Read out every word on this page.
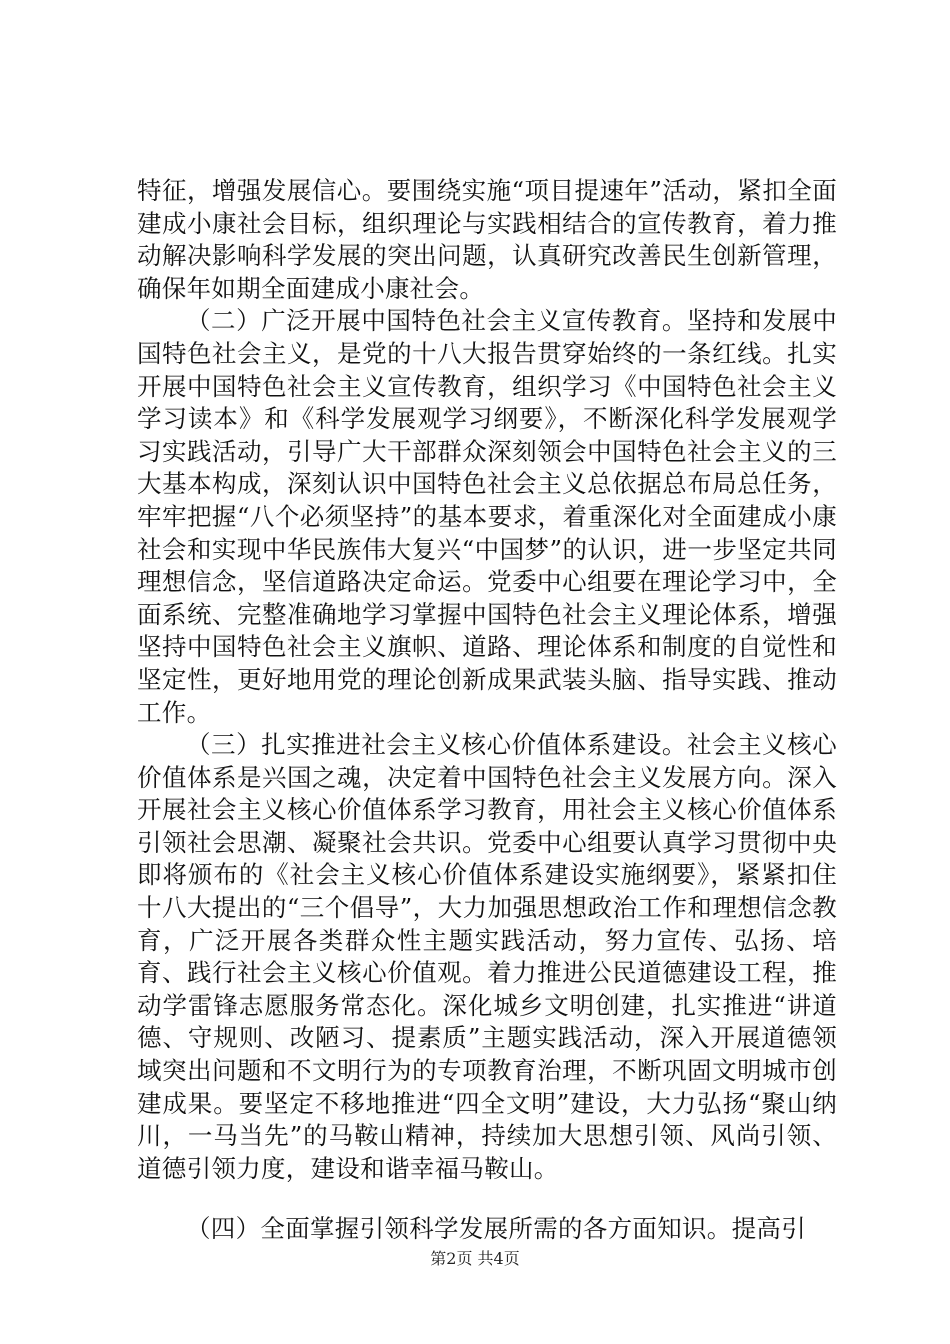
特征，增强发展信心。要围绕实施“项目提速年”活动，紧扣全面建成小康社会目标，组织理论与实践相结合的宣传教育，着力推动解决影响科学发展的突出问题，认真研究改善民生创新管理，确保年如期全面建成小康社会。

（二）广泛开展中国特色社会主义宣传教育。坚持和发展中国特色社会主义，是党的十八大报告贯穿始终的一条红线。扎实开展中国特色社会主义宣传教育，组织学习《中国特色社会主义学习读本》和《科学发展观学习纲要》，不断深化科学发展观学习实践活动，引导广大干部群众深刻领会中国特色社会主义的三大基本构成，深刻认识中国特色社会主义总依据总布局总任务，牢牢把握“八个必须坚持”的基本要求，着重深化对全面建成小康社会和实现中华民族伟大复兴“中国梦”的认识，进一步坚定共同理想信念，坚信道路决定命运。党委中心组要在理论学习中，全面系统、完整准确地学习掌握中国特色社会主义理论体系，增强坚持中国特色社会主义旗帜、道路、理论体系和制度的自觉性和坚定性，更好地用党的理论创新成果武装头脑、指导实践、推动工作。

（三）扎实推进社会主义核心价值体系建设。社会主义核心价值体系是兴国之魂，决定着中国特色社会主义发展方向。深入开展社会主义核心价值体系学习教育，用社会主义核心价值体系引领社会思潮、凝聚社会共识。党委中心组要认真学习贯彻中央即将颁布的《社会主义核心价值体系建设实施纲要》，紧紧扣住十八大提出的“三个倡导”，大力加强思想政治工作和理想信念教育，广泛开展各类群众性主题实践活动，努力宣传、弘扬、培育、践行社会主义核心价值观。着力推进公民道德建设工程，推动学雷锋志愿服务常态化。深化城乡文明创建，扎实推进“讲道德、守规则、改陋习、提素质”主题实践活动，深入开展道德领域突出问题和不文明行为的专项教育治理，不断巩固文明城市创建成果。要坚定不移地推进“四全文明”建设，大力弘扬“聚山纳川，一马当先”的马鞍山精神，持续加大思想引领、风尚引领、道德引领力度，建设和谐幸福马鞍山。

（四）全面掌握引领科学发展所需的各方面知识。提高引

第2页 共4页
